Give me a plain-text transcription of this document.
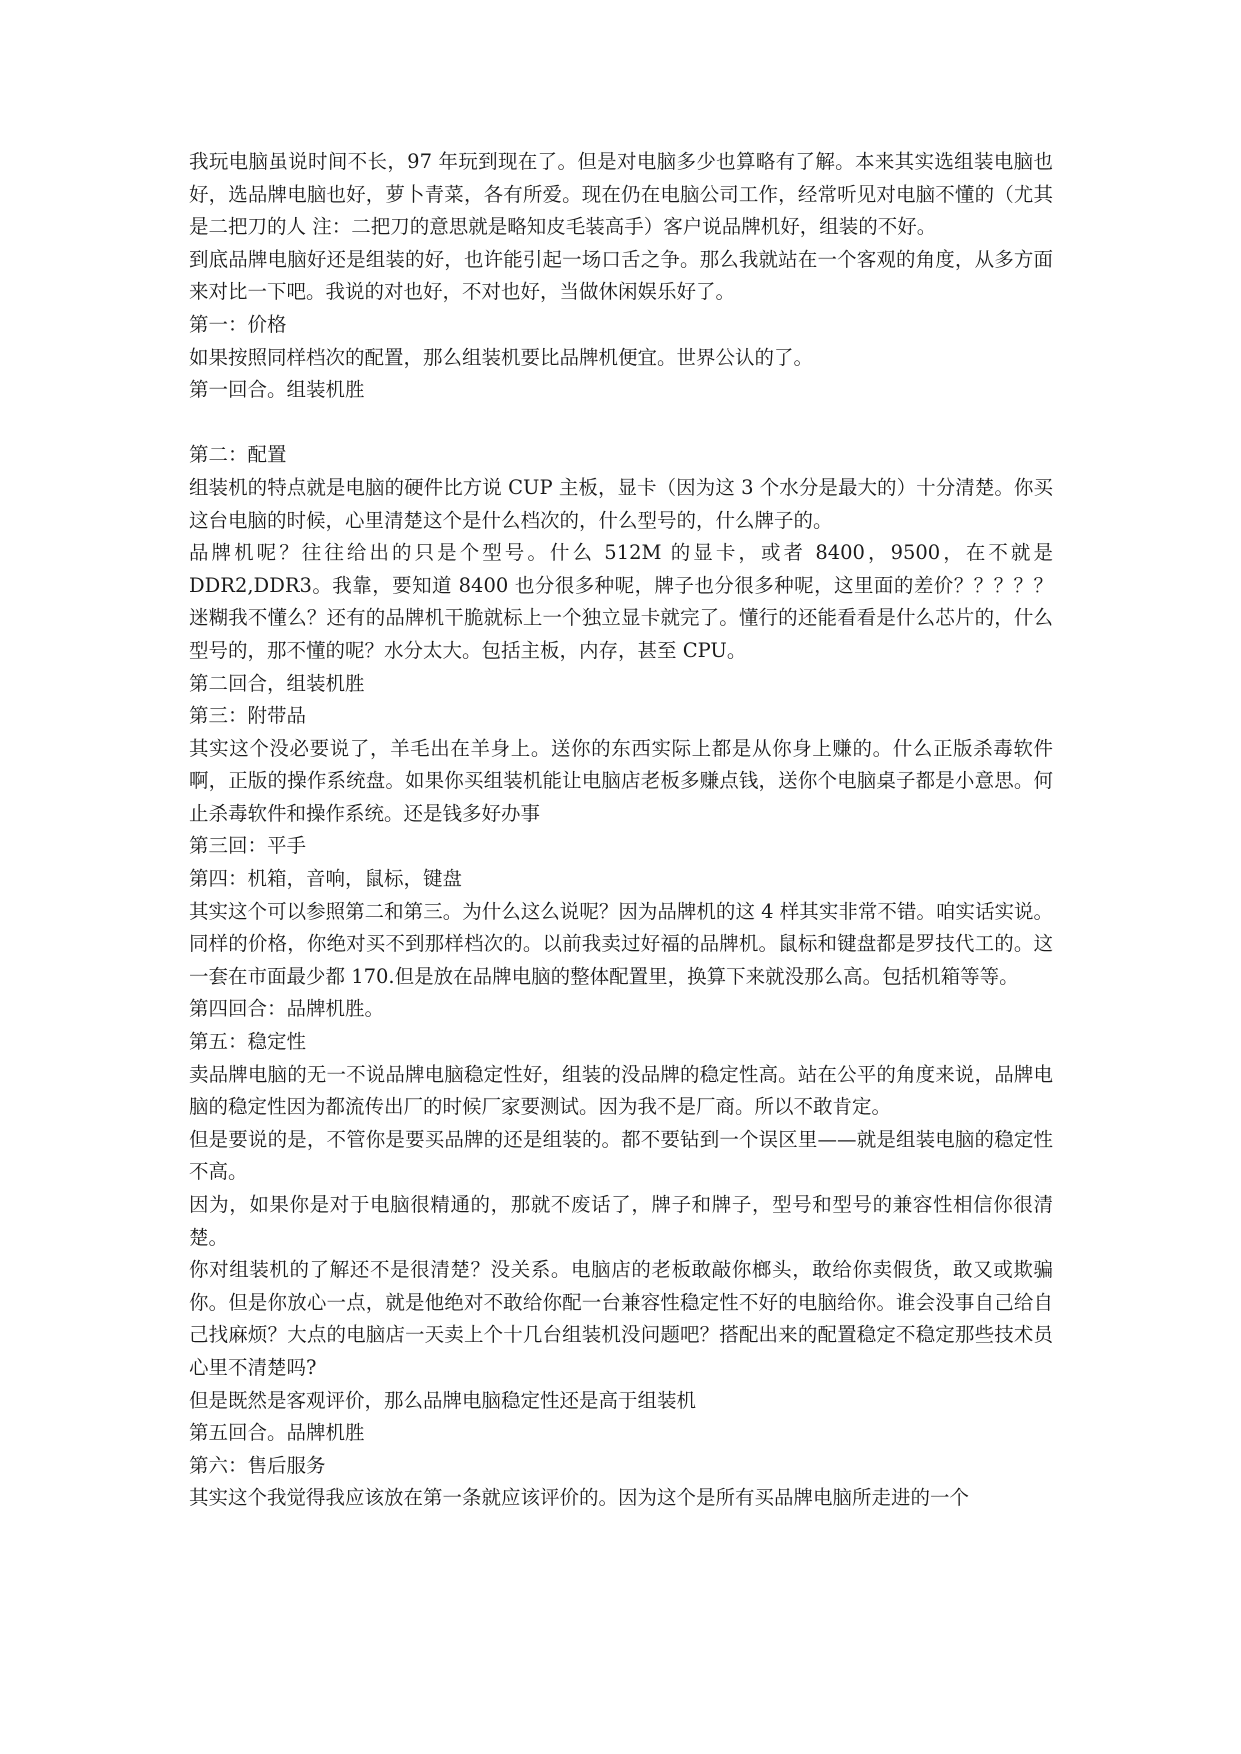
我玩电脑虽说时间不长，97 年玩到现在了。但是对电脑多少也算略有了解。本来其实选组装电脑也好，选品牌电脑也好，萝卜青菜，各有所爱。现在仍在电脑公司工作，经常听见对电脑不懂的（尤其是二把刀的人 注：二把刀的意思就是略知皮毛装高手）客户说品牌机好，组装的不好。

到底品牌电脑好还是组装的好，也许能引起一场口舌之争。那么我就站在一个客观的角度，从多方面来对比一下吧。我说的对也好，不对也好，当做休闲娱乐好了。

第一：价格

如果按照同样档次的配置，那么组装机要比品牌机便宜。世界公认的了。

第一回合。组装机胜

第二：配置

组装机的特点就是电脑的硬件比方说 CUP 主板，显卡（因为这 3 个水分是最大的）十分清楚。你买这台电脑的时候，心里清楚这个是什么档次的，什么型号的，什么牌子的。

品牌机呢？往往给出的只是个型号。什么 512M 的显卡，或者 8400，9500，在不就是 DDR2,DDR3。我靠，要知道 8400 也分很多种呢，牌子也分很多种呢，这里面的差价？？？？？迷糊我不懂么？还有的品牌机干脆就标上一个独立显卡就完了。懂行的还能看看是什么芯片的，什么型号的，那不懂的呢？水分太大。包括主板，内存，甚至 CPU。

第二回合，组装机胜

第三：附带品

其实这个没必要说了，羊毛出在羊身上。送你的东西实际上都是从你身上赚的。什么正版杀毒软件啊，正版的操作系统盘。如果你买组装机能让电脑店老板多赚点钱，送你个电脑桌子都是小意思。何止杀毒软件和操作系统。还是钱多好办事

第三回：平手

第四：机箱，音响，鼠标，键盘

其实这个可以参照第二和第三。为什么这么说呢？因为品牌机的这 4 样其实非常不错。咱实话实说。同样的价格，你绝对买不到那样档次的。以前我卖过好福的品牌机。鼠标和键盘都是罗技代工的。这一套在市面最少都 170.但是放在品牌电脑的整体配置里，换算下来就没那么高。包括机箱等等。

第四回合：品牌机胜。

第五：稳定性

卖品牌电脑的无一不说品牌电脑稳定性好，组装的没品牌的稳定性高。站在公平的角度来说，品牌电脑的稳定性因为都流传出厂的时候厂家要测试。因为我不是厂商。所以不敢肯定。

但是要说的是，不管你是要买品牌的还是组装的。都不要钻到一个误区里——就是组装电脑的稳定性不高。

因为，如果你是对于电脑很精通的，那就不废话了，牌子和牌子，型号和型号的兼容性相信你很清楚。

你对组装机的了解还不是很清楚？没关系。电脑店的老板敢敲你榔头，敢给你卖假货，敢又或欺骗你。但是你放心一点，就是他绝对不敢给你配一台兼容性稳定性不好的电脑给你。谁会没事自己给自己找麻烦？大点的电脑店一天卖上个十几台组装机没问题吧？搭配出来的配置稳定不稳定那些技术员心里不清楚吗?

但是既然是客观评价，那么品牌电脑稳定性还是高于组装机

第五回合。品牌机胜

第六：售后服务

其实这个我觉得我应该放在第一条就应该评价的。因为这个是所有买品牌电脑所走进的一个
